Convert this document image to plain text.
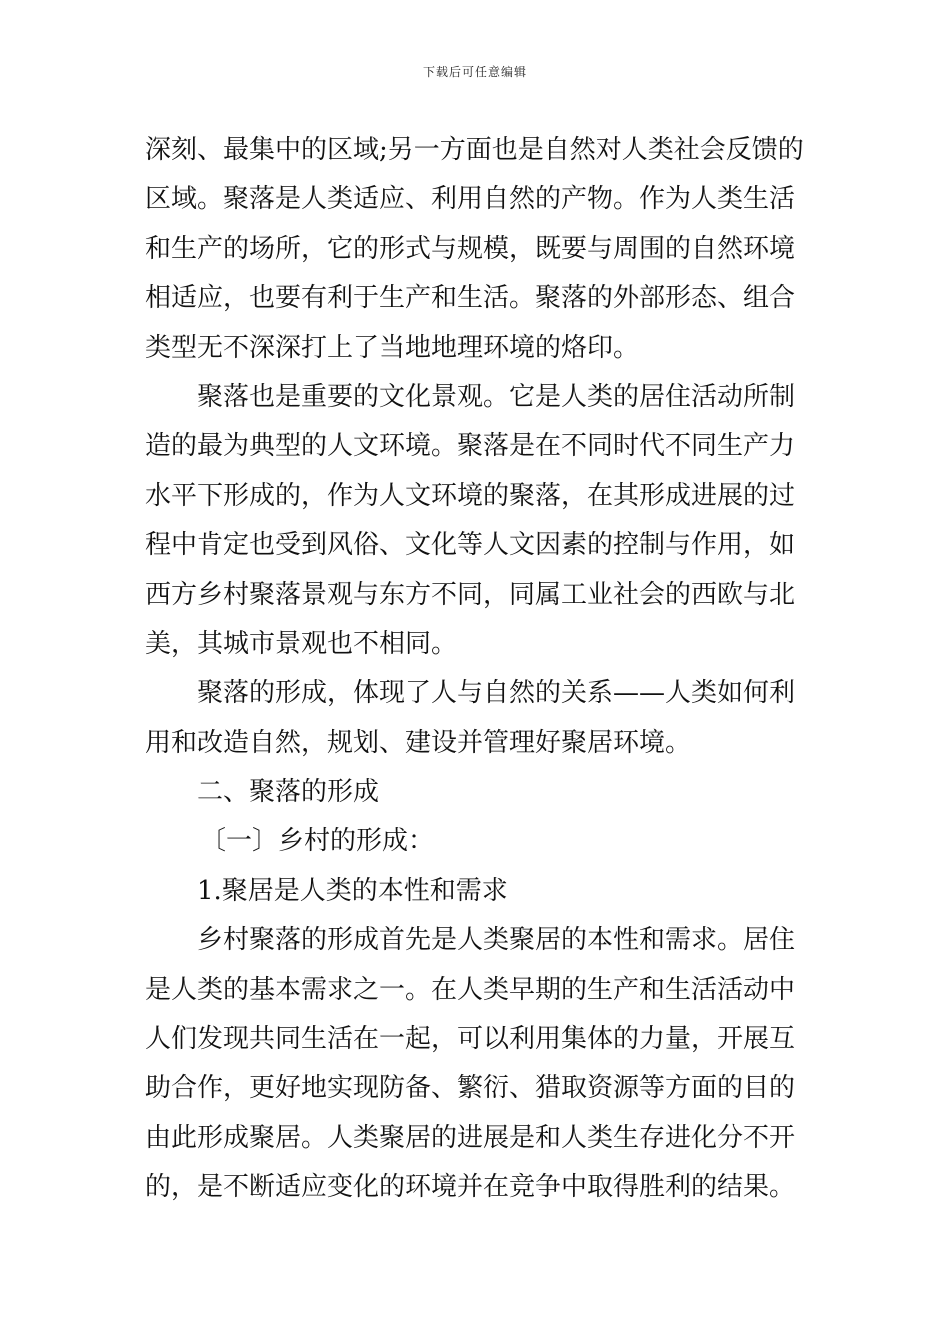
下载后可任意编辑
深刻、最集中的区域;另一方面也是自然对人类社会反馈的
区域。聚落是人类适应、利用自然的产物。作为人类生活
和生产的场所，它的形式与规模，既要与周围的自然环境
相适应，也要有利于生产和生活。聚落的外部形态、组合
类型无不深深打上了当地地理环境的烙印。
聚落也是重要的文化景观。它是人类的居住活动所制
造的最为典型的人文环境。聚落是在不同时代不同生产力
水平下形成的，作为人文环境的聚落，在其形成进展的过
程中肯定也受到风俗、文化等人文因素的控制与作用，如
西方乡村聚落景观与东方不同，同属工业社会的西欧与北
美，其城市景观也不相同。
聚落的形成，体现了人与自然的关系——人类如何利
用和改造自然，规划、建设并管理好聚居环境。
二、聚落的形成
〔一〕乡村的形成：
1.聚居是人类的本性和需求
乡村聚落的形成首先是人类聚居的本性和需求。居住
是人类的基本需求之一。在人类早期的生产和生活活动中
人们发现共同生活在一起，可以利用集体的力量，开展互
助合作，更好地实现防备、繁衍、猎取资源等方面的目的
由此形成聚居。人类聚居的进展是和人类生存进化分不开
的，是不断适应变化的环境并在竞争中取得胜利的结果。
